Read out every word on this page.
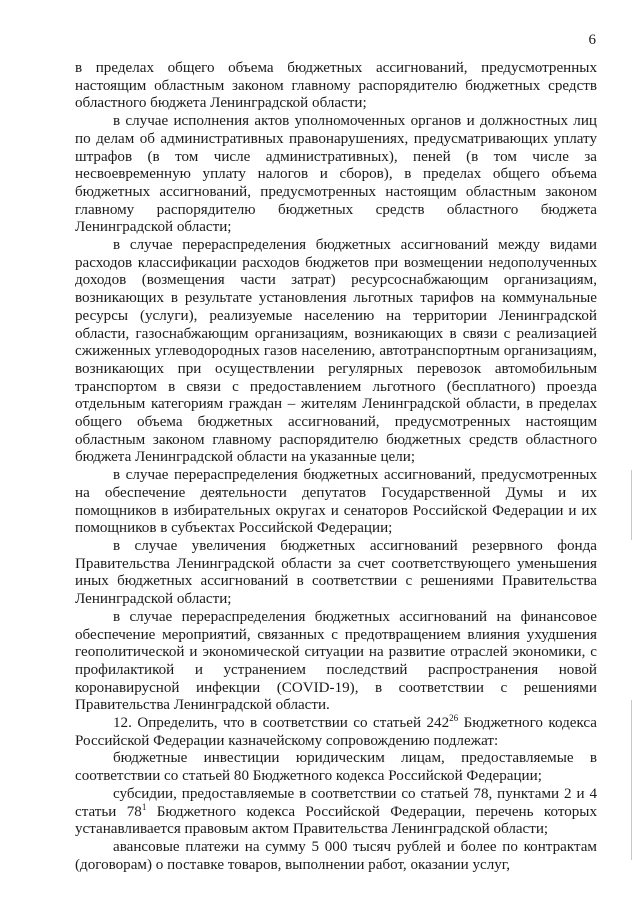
6

в пределах общего объема бюджетных ассигнований, предусмотренных настоящим областным законом главному распорядителю бюджетных средств областного бюджета Ленинградской области;

в случае исполнения актов уполномоченных органов и должностных лиц по делам об административных правонарушениях, предусматривающих уплату штрафов (в том числе административных), пеней (в том числе за несвоевременную уплату налогов и сборов), в пределах общего объема бюджетных ассигнований, предусмотренных настоящим областным законом главному распорядителю бюджетных средств областного бюджета Ленинградской области;

в случае перераспределения бюджетных ассигнований между видами расходов классификации расходов бюджетов при возмещении недополученных доходов (возмещения части затрат) ресурсоснабжающим организациям, возникающих в результате установления льготных тарифов на коммунальные ресурсы (услуги), реализуемые населению на территории Ленинградской области, газоснабжающим организациям, возникающих в связи с реализацией сжиженных углеводородных газов населению, автотранспортным организациям, возникающих при осуществлении регулярных перевозок автомобильным транспортом в связи с предоставлением льготного (бесплатного) проезда отдельным категориям граждан – жителям Ленинградской области, в пределах общего объема бюджетных ассигнований, предусмотренных настоящим областным законом главному распорядителю бюджетных средств областного бюджета Ленинградской области на указанные цели;

в случае перераспределения бюджетных ассигнований, предусмотренных на обеспечение деятельности депутатов Государственной Думы и их помощников в избирательных округах и сенаторов Российской Федерации и их помощников в субъектах Российской Федерации;

в случае увеличения бюджетных ассигнований резервного фонда Правительства Ленинградской области за счет соответствующего уменьшения иных бюджетных ассигнований в соответствии с решениями Правительства Ленинградской области;

в случае перераспределения бюджетных ассигнований на финансовое обеспечение мероприятий, связанных с предотвращением влияния ухудшения геополитической и экономической ситуации на развитие отраслей экономики, с профилактикой и устранением последствий распространения новой коронавирусной инфекции (COVID-19), в соответствии с решениями Правительства Ленинградской области.

12. Определить, что в соответствии со статьей $242^{26}$ Бюджетного кодекса Российской Федерации казначейскому сопровождению подлежат:

бюджетные инвестиции юридическим лицам, предоставляемые в соответствии со статьей 80 Бюджетного кодекса Российской Федерации;

субсидии, предоставляемые в соответствии со статьей 78, пунктами 2 и 4 статьи $78^1$ Бюджетного кодекса Российской Федерации, перечень которых устанавливается правовым актом Правительства Ленинградской области;

авансовые платежи на сумму 5 000 тысяч рублей и более по контрактам (договорам) о поставке товаров, выполнении работ, оказании услуг,
